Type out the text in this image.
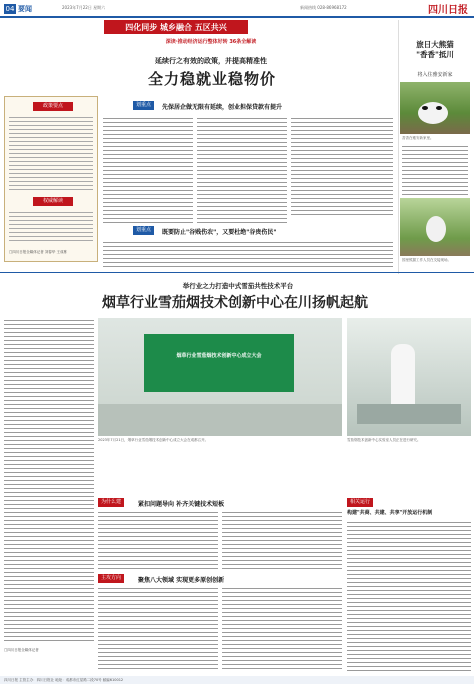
04 要闻	2023年7月22日 星期六	新闻热线 028-86968172	四川日报
四化同步 城乡融合 五区共兴
深读·推动经济运行整体好转 36条全解读
延续行之有效的政策，并提高精准性
全力稳就业稳物价
政策要点
权威解读
□四川日报全媒体记者 刘春华 王成栋
划重点	先保居企做无限有延续，创业担保贷款有提升
划重点	既要防止"谷贱伤农"，又要杜绝"谷贵伤民"
旅日大熊猫
"香香"抵川
将入住雅安新家
香香在雅安新家里。
园里熊猫工作人员在交接现场。
举行业之力打造中式雪茄共性技术平台
烟草行业雪茄烟技术创新中心在川扬帆起航
□四川日报全媒体记者
烟草行业雪茄烟技术创新中心成立大会
2023年7月21日，烟草行业雪茄烟技术创新中心成立大会在成都召开。	雪茄烟技术创新中心实验室人员正在进行研究。
为什么建	紧扣问题导向 补齐关键技术短板
主攻方向	聚焦八大领域 实现更多原创创新
相关运行
构建"共商、共建、共享"开放运行机制
四川日报 主管主办：四川日报社 地址：成都市红星路二段70号 邮编610012
